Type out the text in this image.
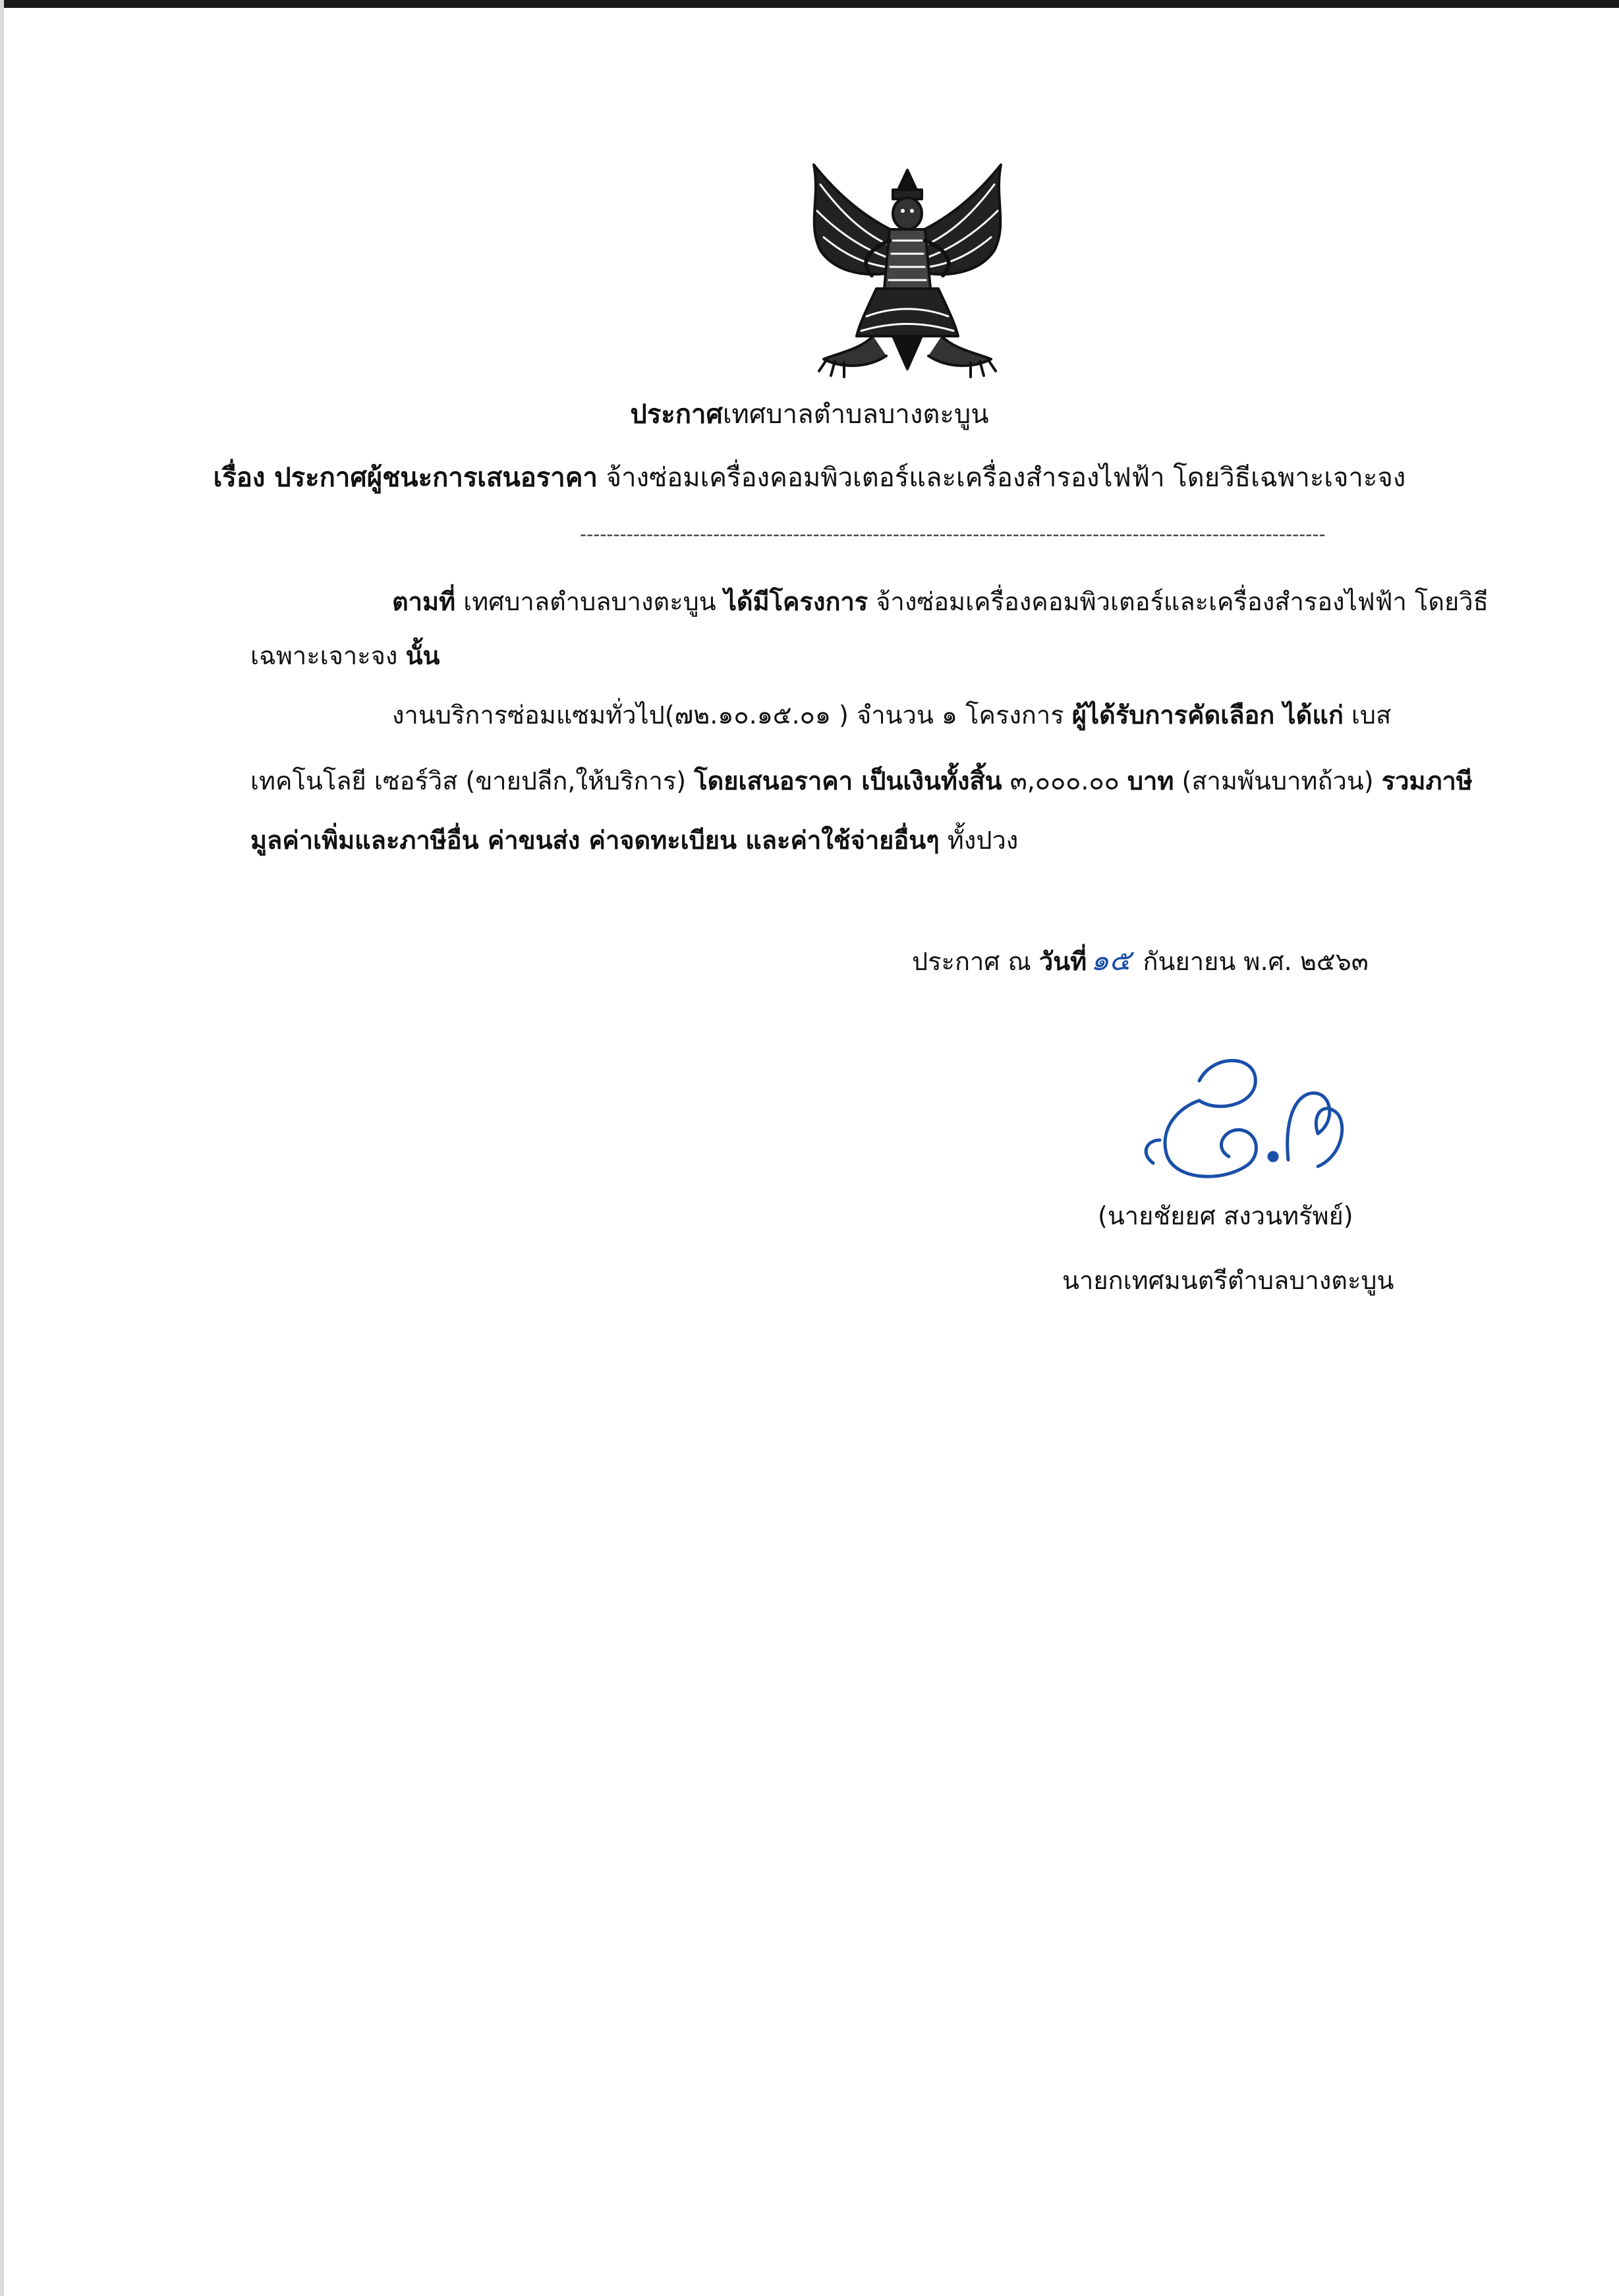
ประกาศเทศบาลตำบลบางตะบูน
เรื่อง ประกาศผู้ชนะการเสนอราคา จ้างซ่อมเครื่องคอมพิวเตอร์และเครื่องสำรองไฟฟ้า โดยวิธีเฉพาะเจาะจง
----------------------------------------------------------------------------------------------------------------
ตามที่ เทศบาลตำบลบางตะบูน ได้มีโครงการ จ้างซ่อมเครื่องคอมพิวเตอร์และเครื่องสำรองไฟฟ้า โดยวิธี
เฉพาะเจาะจง นั้น
งานบริการซ่อมแซมทั่วไป(๗๒.๑๐.๑๕.๐๑ ) จำนวน ๑ โครงการ ผู้ได้รับการคัดเลือก ได้แก่ เบส
เทคโนโลยี เซอร์วิส (ขายปลีก,ให้บริการ) โดยเสนอราคา เป็นเงินทั้งสิ้น ๓,๐๐๐.๐๐ บาท (สามพันบาทถ้วน) รวมภาษี
มูลค่าเพิ่มและภาษีอื่น ค่าขนส่ง ค่าจดทะเบียน และค่าใช้จ่ายอื่นๆ ทั้งปวง
ประกาศ ณ วันที่ ๑๕ กันยายน พ.ศ. ๒๕๖๓
(นายชัยยศ สงวนทรัพย์)
นายกเทศมนตรีตำบลบางตะบูน
